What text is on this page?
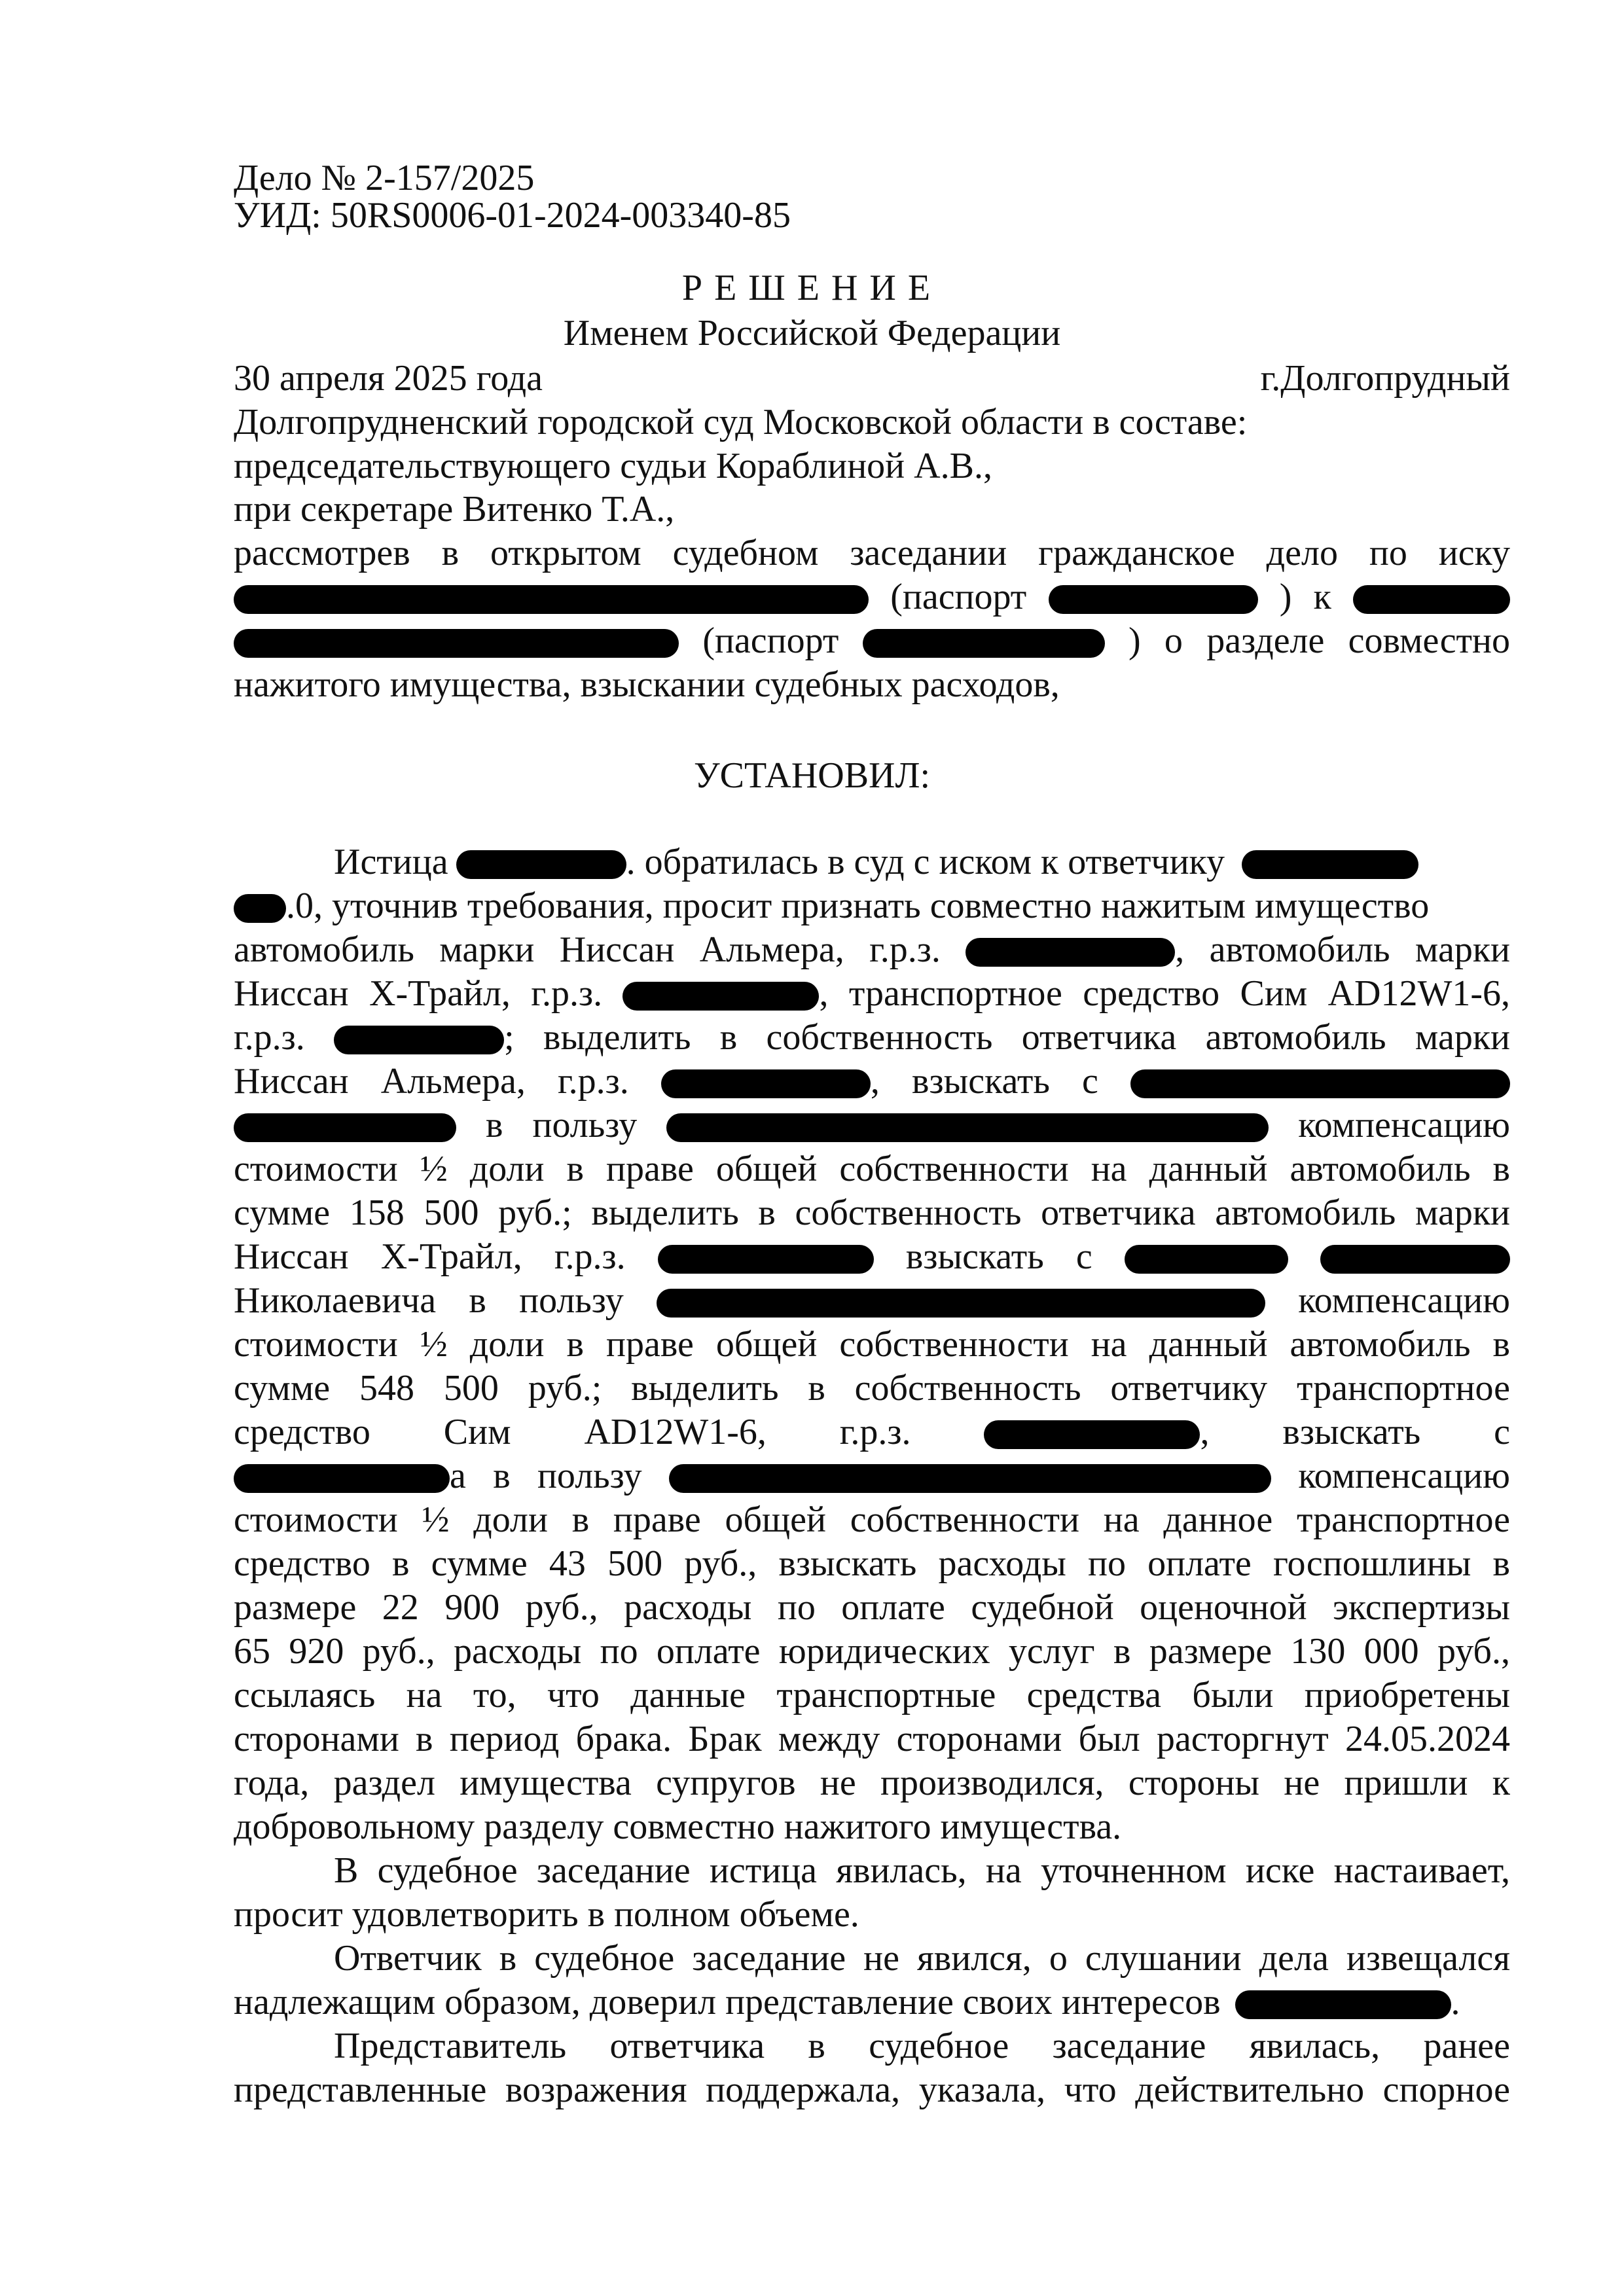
Дело № 2-157/2025
УИД: 50RS0006-01-2024-003340-85
РЕШЕНИЕ
Именем Российской Федерации
30 апреля 2025 года	г.Долгопрудный
Долгопрудненский городской суд Московской области в составе:
председательствующего судьи Кораблиной А.В.,
при секретаре Витенко Т.А.,
рассмотрев в открытом судебном заседании гражданское дело по иску
(паспорт	) к
(паспорт	) о разделе совместно
нажитого имущества, взыскании судебных расходов,
УСТАНОВИЛ:
Истица	. обратилась в суд с иском к ответчику
.0, уточнив требования, просит признать совместно нажитым имущество
автомобиль марки Ниссан Альмера, г.р.з.	, автомобиль марки
Ниссан Х-Трайл, г.р.з.	, транспортное средство Сим AD12W1-6,
г.р.з.	; выделить в собственность ответчика автомобиль марки
Ниссан Альмера, г.р.з.	, взыскать с
в пользу	компенсацию
стоимости ½ доли в праве общей собственности на данный автомобиль в
сумме 158 500 руб.; выделить в собственность ответчика автомобиль марки
Ниссан Х-Трайл, г.р.з.	взыскать с
Николаевича в пользу	компенсацию
стоимости ½ доли в праве общей собственности на данный автомобиль в
сумме 548 500 руб.; выделить в собственность ответчику транспортное
средство Сим AD12W1-6, г.р.з.	, взыскать с
а в пользу	компенсацию
стоимости ½ доли в праве общей собственности на данное транспортное
средство в сумме 43 500 руб., взыскать расходы по оплате госпошлины в
размере 22 900 руб., расходы по оплате судебной оценочной экспертизы
65 920 руб., расходы по оплате юридических услуг в размере 130 000 руб.,
ссылаясь на то, что данные транспортные средства были приобретены
сторонами в период брака. Брак между сторонами был расторгнут 24.05.2024
года, раздел имущества супругов не производился, стороны не пришли к
добровольному разделу совместно нажитого имущества.
В судебное заседание истица явилась, на уточненном иске настаивает,
просит удовлетворить в полном объеме.
Ответчик в судебное заседание не явился, о слушании дела извещался
надлежащим образом, доверил представление своих интересов	.
Представитель ответчика в судебное заседание явилась, ранее
представленные возражения поддержала, указала, что действительно спорное
